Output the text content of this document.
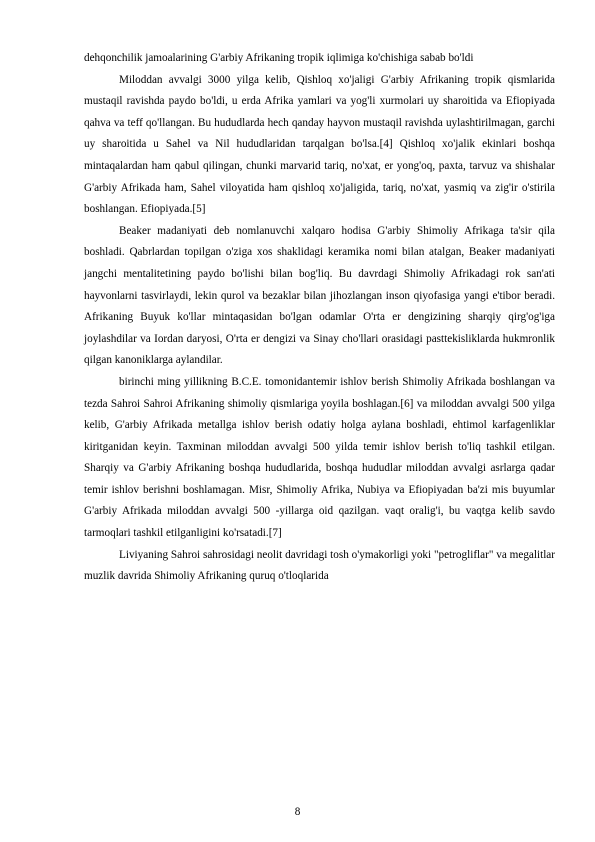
dehqonchilik jamoalarining G'arbiy Afrikaning tropik iqlimiga ko'chishiga sabab bo'ldi

Miloddan avvalgi 3000 yilga kelib, Qishloq xo'jaligi G'arbiy Afrikaning tropik qismlarida mustaqil ravishda paydo bo'ldi, u erda Afrika yamlari va yog'li xurmolari uy sharoitida va Efiopiyada qahva va teff qo'llangan. Bu hududlarda hech qanday hayvon mustaqil ravishda uylashtirilmagan, garchi uy sharoitida u Sahel va Nil hududlaridan tarqalgan bo'lsa.[4] Qishloq xo'jalik ekinlari boshqa mintaqalardan ham qabul qilingan, chunki marvarid tariq, no'xat, er yong'oq, paxta, tarvuz va shishalar G'arbiy Afrikada ham, Sahel viloyatida ham qishloq xo'jaligida, tariq, no'xat, yasmiq va zig'ir o'stirila boshlangan. Efiopiyada.[5]

Beaker madaniyati deb nomlanuvchi xalqaro hodisa G'arbiy Shimoliy Afrikaga ta'sir qila boshladi. Qabrlardan topilgan o'ziga xos shaklidagi keramika nomi bilan atalgan, Beaker madaniyati jangchi mentalitetining paydo bo'lishi bilan bog'liq. Bu davrdagi Shimoliy Afrikadagi rok san'ati hayvonlarni tasvirlaydi, lekin qurol va bezaklar bilan jihozlangan inson qiyofasiga yangi e'tibor beradi. Afrikaning Buyuk ko'llar mintaqasidan bo'lgan odamlar O'rta er dengizining sharqiy qirg'og'iga joylashdilar va Iordan daryosi, O'rta er dengizi va Sinay cho'llari orasidagi pasttekisliklarda hukmronlik qilgan kanoniklarga aylandilar.

birinchi ming yillikning B.C.E. tomonidantemir ishlov berish Shimoliy Afrikada boshlangan va tezda Sahroi Sahroi Afrikaning shimoliy qismlariga yoyila boshlagan.[6] va miloddan avvalgi 500 yilga kelib, G'arbiy Afrikada metallga ishlov berish odatiy holga aylana boshladi, ehtimol karfagenliklar kiritganidan keyin. Taxminan miloddan avvalgi 500 yilda temir ishlov berish to'liq tashkil etilgan. Sharqiy va G'arbiy Afrikaning boshqa hududlarida, boshqa hududlar miloddan avvalgi asrlarga qadar temir ishlov berishni boshlamagan. Misr, Shimoliy Afrika, Nubiya va Efiopiyadan ba'zi mis buyumlar G'arbiy Afrikada miloddan avvalgi 500 -yillarga oid qazilgan. vaqt oralig'i, bu vaqtga kelib savdo tarmoqlari tashkil etilganligini ko'rsatadi.[7]

Liviyaning Sahroi sahrosidagi neolit davridagi tosh o'ymakorligi yoki "petrogliflar" va megalitlar muzlik davrida Shimoliy Afrikaning quruq o'tloqlarida

8
